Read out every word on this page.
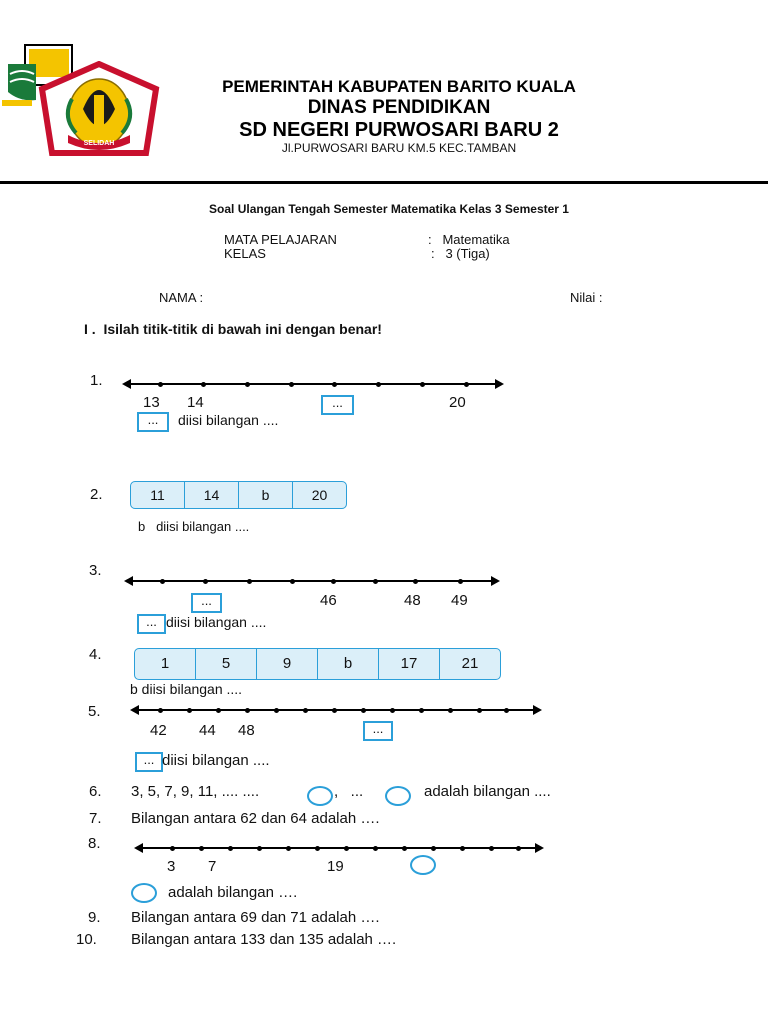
SELIDAH
PEMERINTAH KABUPATEN BARITO KUALA
DINAS PENDIDIKAN
SD NEGERI PURWOSARI BARU 2
Jl.PURWOSARI BARU KM.5 KEC.TAMBAN
Soal Ulangan Tengah Semester Matematika Kelas 3 Semester 1
MATA PELAJARAN	:   Matematika
KELAS	:   3 (Tiga)
NAMA :	Nilai :
I .  Isilah titik-titik di bawah ini dengan benar!
1.
13 14	...	20
...	diisi bilangan ....
2.	11	14	b	20
b   diisi bilangan ....
3.
...	46	48 49
... diisi bilangan ....
4.
1	5	9	b	17	21
b diisi bilangan ....
5.
42 44 48	...
... diisi bilangan ....
6. 3, 5, 7, 9, 11, .... ....	,   ...	adalah bilangan ....
7. Bilangan antara 62 dan 64 adalah ….
8.
3 7	19
adalah bilangan ….
9. Bilangan antara 69 dan 71 adalah ….
10. Bilangan antara 133 dan 135 adalah ….
